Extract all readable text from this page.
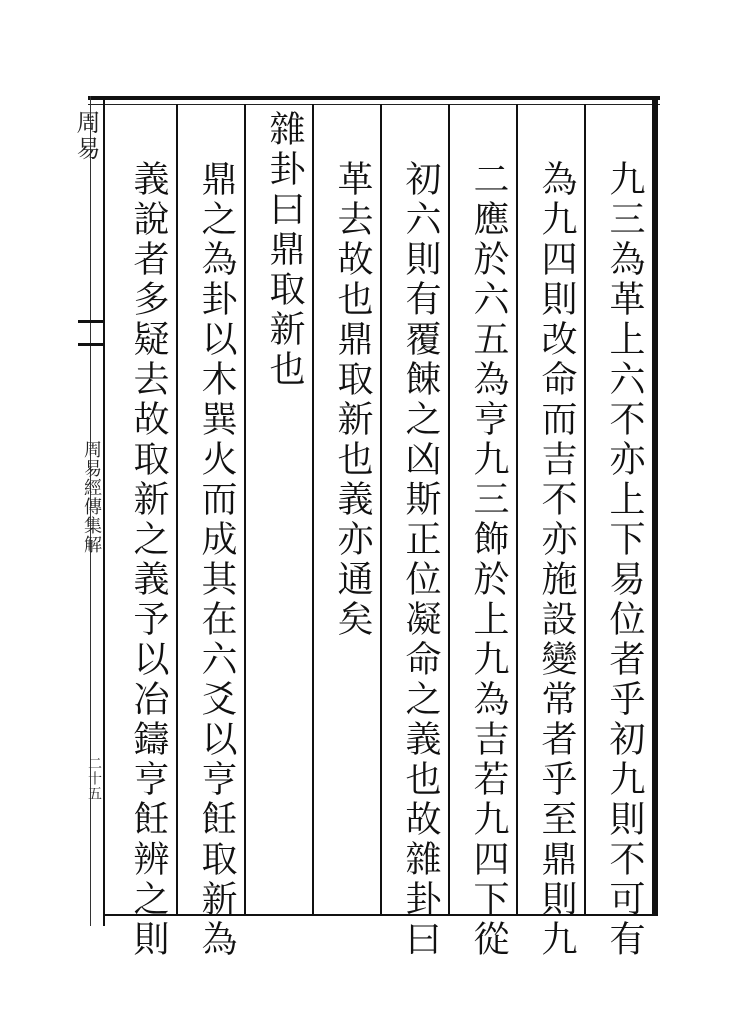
周易
周易經傳集解
二十五	九三為革上六不亦上下易位者乎初九則不可有
為九四則改命而吉不亦施設變常者乎至鼎則九
二應於六五為亨九三飾於上九為吉若九四下從
初六則有覆餗之凶斯正位凝命之義也故雜卦曰
革去故也鼎取新也義亦通矣
雜卦曰鼎取新也
鼎之為卦以木巽火而成其在六爻以亨飪取新為
義說者多疑去故取新之義予以冶鑄亨飪辨之則
